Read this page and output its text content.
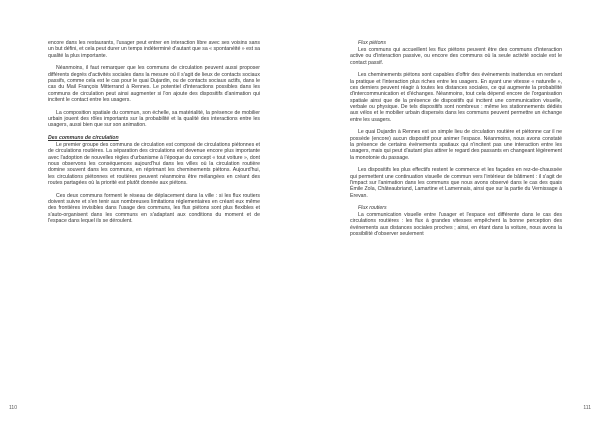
encore dans les restaurants, l'usager peut entrer en interaction libre avec ses voisins sans un but défini, et cela peut durer un temps indéterminé d'autant que sa « spontanéité » est sa qualité la plus importante.

Néanmoins, il faut remarquer que les communs de circulation peuvent aussi proposer différents degrés d'activités sociales dans la mesure où il s'agit de lieux de contacts sociaux passifs, comme cela est le cas pour le quai Dujardin, ou de contacts sociaux actifs, dans le cas du Mail François Mitterrand à Rennes. Le potentiel d'interactions possibles dans les communs de circulation peut ainsi augmenter si l'on ajoute des dispositifs d'animation qui incitent le contact entre les usagers.

La composition spatiale du commun, son échelle, sa matérialité, la présence de mobilier urbain jouent des rôles importants sur la probabilité et la qualité des interactions entre les usagers, aussi bien que sur son animation.

Des communs de circulation

Le premier groupe des communs de circulation est composé de circulations piétonnes et de circulations routières. La séparation des circulations est devenue encore plus importante avec l'adoption de nouvelles règles d'urbanisme à l'époque du concept « tout voiture », dont nous observons les conséquences aujourd'hui dans les villes où la circulation routière domine souvent dans les communs, en réprimant les cheminements piétons. Aujourd'hui, les circulations piétonnes et routières peuvent néanmoins être mélangées en créant des routes partagées où la priorité est plutôt donnée aux piétons.

Ces deux communs forment le réseau de déplacement dans la ville : si les flux routiers doivent suivre et s'en tenir aux nombreuses limitations réglementaires en créant eux même des frontières invisibles dans l'usage des communs, les flux piétons sont plus flexibles et s'auto-organisent dans les communs en s'adaptant aux conditions du moment et de l'espace dans lequel ils se déroulent.

110
Flux piétons

Les communs qui accueillent les flux piétons peuvent être des communs d'interaction active ou d'interaction passive, ou encore des communs où la seule activité sociale est le contact passif.

Les cheminements piétons sont capables d'offrir des événements inattendus en rendant la pratique et l'interaction plus riches entre les usagers. En ayant une vitesse « naturelle », ces derniers peuvent réagir à toutes les distances sociales, ce qui augmente la probabilité d'intercommunication et d'échanges. Néanmoins, tout cela dépend encore de l'organisation spatiale ainsi que de la présence de dispositifs qui incitent une communication visuelle, verbale ou physique. De tels dispositifs sont nombreux : même les stationnements dédiés aux vélos et le mobilier urbain dispersés dans les communs peuvent permettre un échange entre les usagers.

Le quai Dujardin à Rennes est un simple lieu de circulation routière et piétonne car il ne possède (encore) aucun dispositif pour animer l'espace. Néanmoins, nous avons constaté la présence de certains événements spatiaux qui n'incitent pas une interaction entre les usagers, mais qui peut d'autant plus attirer le regard des passants en changeant légèrement la monotonie du passage.

Les dispositifs les plus effectifs restent le commerce et les façades en rez-de-chaussée qui permettent une continuation visuelle de commun vers l'intérieur de bâtiment : il s'agit de l'impact sur l'animation dans les communs que nous avons observé dans le cas des quais Émile Zola, Châteaubriand, Lamartine et Lamennais, ainsi que sur la partie du Vernissage à Erevan.

Flux routiers

La communication visuelle entre l'usager et l'espace est différente dans le cas des circulations routières : les flux à grandes vitesses empêchent la bonne perception des événements aux distances sociales proches ; ainsi, en étant dans la voiture, nous avons la possibilité d'observer seulement

111
